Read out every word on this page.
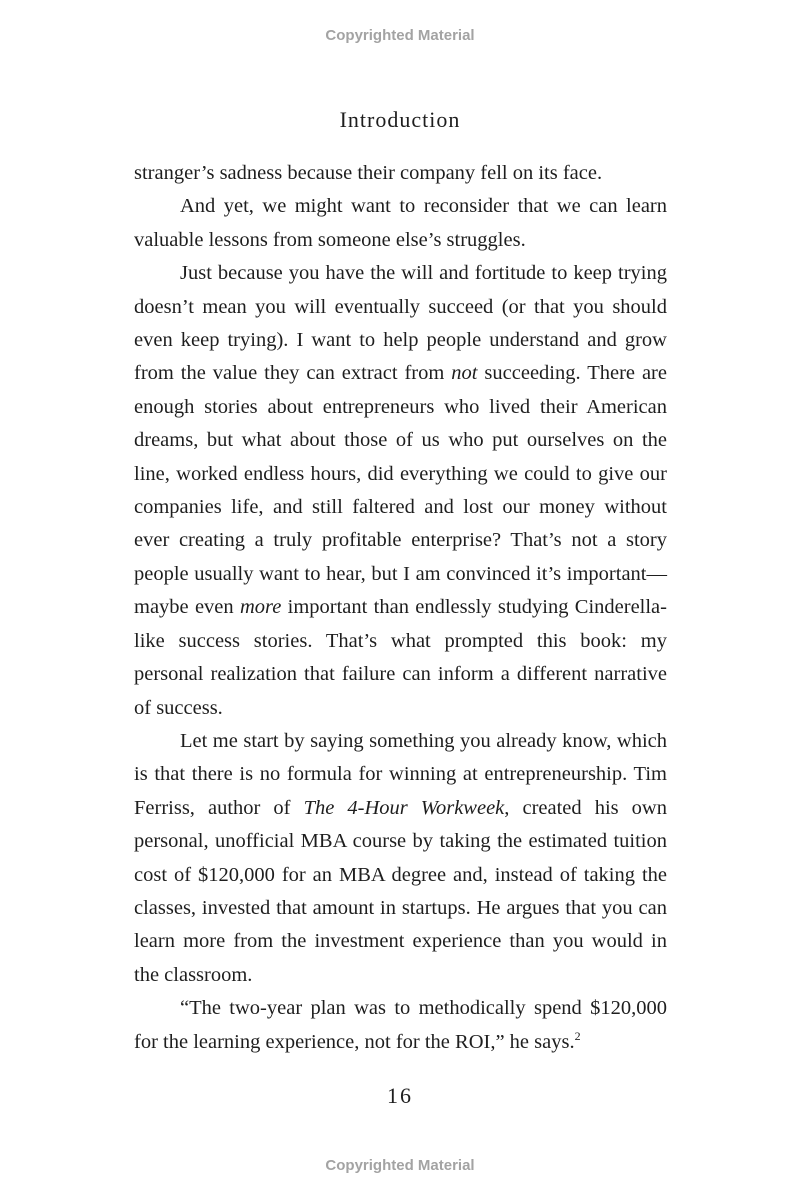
Copyrighted Material
Introduction

stranger’s sadness because their company fell on its face.

And yet, we might want to reconsider that we can learn valuable lessons from someone else’s struggles.

Just because you have the will and fortitude to keep trying doesn’t mean you will eventually succeed (or that you should even keep trying). I want to help people understand and grow from the value they can extract from not succeeding. There are enough stories about entrepreneurs who lived their American dreams, but what about those of us who put ourselves on the line, worked endless hours, did everything we could to give our companies life, and still faltered and lost our money without ever creating a truly profitable enterprise? That’s not a story people usually want to hear, but I am convinced it’s important—maybe even more important than endlessly studying Cinderella-like success stories. That’s what prompted this book: my personal realization that failure can inform a different narrative of success.

Let me start by saying something you already know, which is that there is no formula for winning at entrepreneurship. Tim Ferriss, author of The 4-Hour Workweek, created his own personal, unofficial MBA course by taking the estimated tuition cost of $120,000 for an MBA degree and, instead of taking the classes, invested that amount in startups. He argues that you can learn more from the investment experience than you would in the classroom.

“The two-year plan was to methodically spend $120,000 for the learning experience, not for the ROI,” he says.$^2$

16
Copyrighted Material
